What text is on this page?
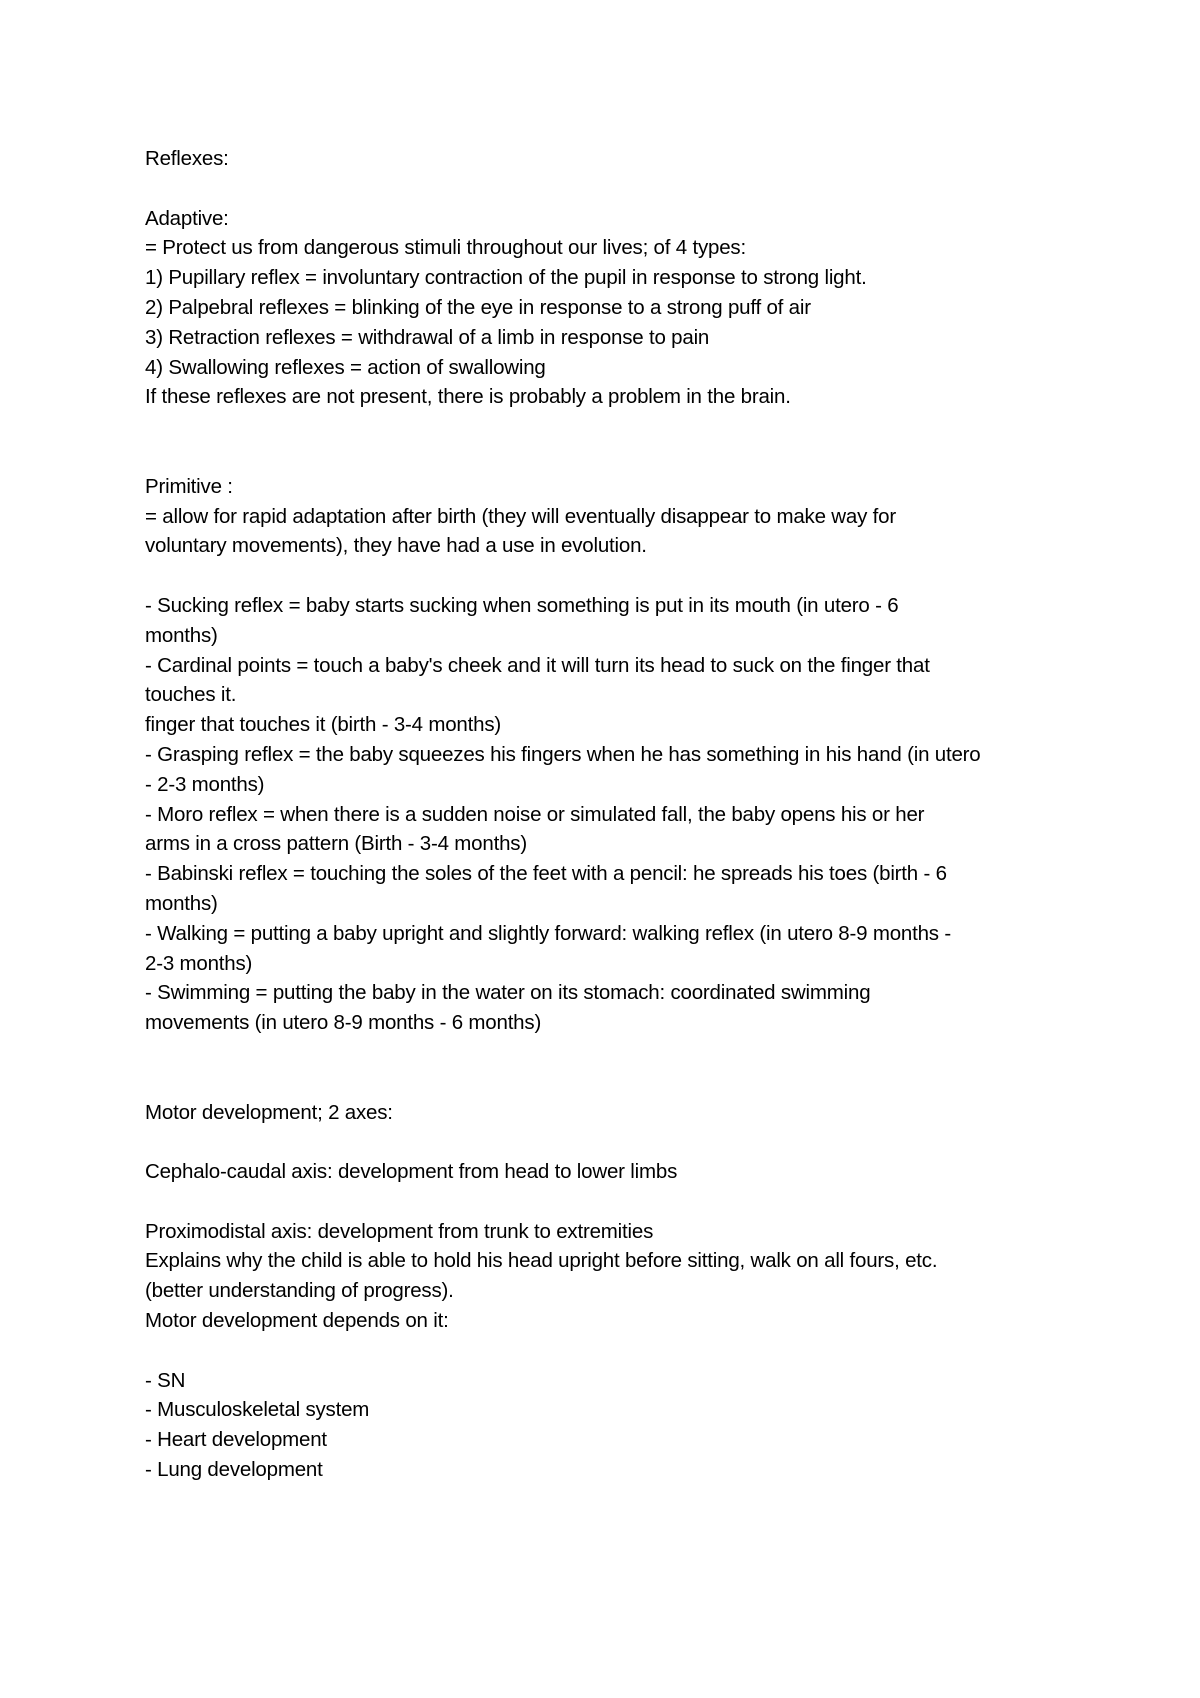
Reflexes:
Adaptive:
= Protect us from dangerous stimuli throughout our lives; of 4 types:
1) Pupillary reflex = involuntary contraction of the pupil in response to strong light.
2) Palpebral reflexes = blinking of the eye in response to a strong puff of air
3) Retraction reflexes = withdrawal of a limb in response to pain
4) Swallowing reflexes = action of swallowing
If these reflexes are not present, there is probably a problem in the brain.
Primitive :
= allow for rapid adaptation after birth (they will eventually disappear to make way for
voluntary movements), they have had a use in evolution.
- Sucking reflex = baby starts sucking when something is put in its mouth (in utero - 6
months)
- Cardinal points = touch a baby's cheek and it will turn its head to suck on the finger that
touches it.
finger that touches it (birth - 3-4 months)
- Grasping reflex = the baby squeezes his fingers when he has something in his hand (in utero
- 2-3 months)
- Moro reflex = when there is a sudden noise or simulated fall, the baby opens his or her
arms in a cross pattern (Birth - 3-4 months)
- Babinski reflex = touching the soles of the feet with a pencil: he spreads his toes (birth - 6
months)
- Walking = putting a baby upright and slightly forward: walking reflex (in utero 8-9 months -
2-3 months)
- Swimming = putting the baby in the water on its stomach: coordinated swimming
movements (in utero 8-9 months - 6 months)
Motor development; 2 axes:
Cephalo-caudal axis: development from head to lower limbs
Proximodistal axis: development from trunk to extremities
Explains why the child is able to hold his head upright before sitting, walk on all fours, etc.
(better understanding of progress).
Motor development depends on it:
- SN
- Musculoskeletal system
- Heart development
- Lung development
